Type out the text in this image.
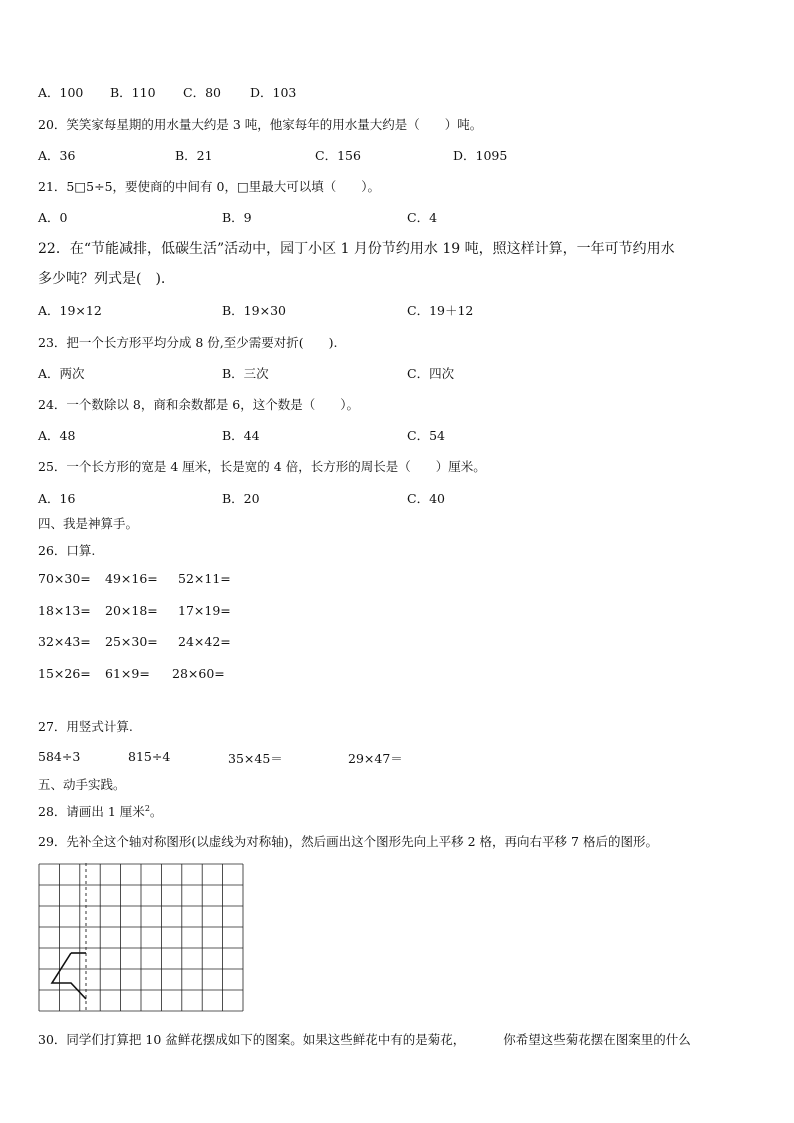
A．100 B．110 C．80 D．103
20．笑笑家每星期的用水量大约是 3 吨，他家每年的用水量大约是（　　）吨。
A．36	B．21	C．156	D．1095
21．5□5÷5，要使商的中间有 0，□里最大可以填（　　）。
A．0	B．9	C．4
22．在“节能减排，低碳生活”活动中，园丁小区 1 月份节约用水 19 吨，照这样计算，一年可节约用水
多少吨？列式是(　).
A．19×12	B．19×30	C．19＋12
23．把一个长方形平均分成 8 份,至少需要对折(　　).
A．两次	B．三次	C．四次
24．一个数除以 8，商和余数都是 6，这个数是（　　）。
A．48	B．44	C．54
25．一个长方形的宽是 4 厘米，长是宽的 4 倍，长方形的周长是（　　）厘米。
A．16	B．20	C．40
四、我是神算手。
26．口算.
70×30= 49×16= 52×11=
18×13= 20×18= 17×19=
32×43= 25×30= 24×42=
15×26= 61×9= 28×60=
27．用竖式计算.
584÷3	815÷4	35×45＝	29×47＝
五、动手实践。
28．请画出 1 厘米$^2$。
29．先补全这个轴对称图形(以虚线为对称轴)，然后画出这个图形先向上平移 2 格，再向右平移 7 格后的图形。
30．同学们打算把 10 盆鲜花摆成如下的图案。如果这些鲜花中有的是菊花，	你希望这些菊花摆在图案里的什么
